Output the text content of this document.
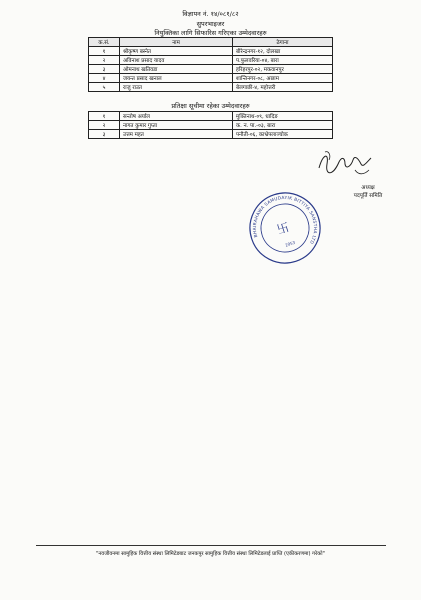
विज्ञापन नं. १४/०८१/८२
सुपरभाइजर
नियुक्तिका लागि सिफारिस गरिएका उम्मेदवारहरु
क.सं.	नाम	ठेगाना
१	श्रीकृष्ण बस्नेत	बीरेन्द्रनगर-१२, दोलखा
२	अविनाश प्रसाद यादव	प.फुलवरिया-०४, बारा
३	ओमनाथ खतिवडा	हरिहरपुर-०२, मकवानपुर
४	जयन्त प्रसाद खनाल	शान्तिनगर-०८, अछाम
५	राजु राउत	बेलगाछी-४, महोत्तरी
प्रतिक्षा सूचीमा रहेका उम्मेदवारहरु
१	सन्तोष अर्याल	मुक्तिनाथ-०९, धादिङ
२	नागत कुमार गुप्ता	क. न. पा.-०३, बारा
३	उत्तम महत	पनौती-०६, काभ्रेपलाञ्चोक
अध्यक्ष
पदपूर्ति समिति
BHAIRAHAWA SAMUDAYIK BITTIYA SANSTHA LTD
卐
2053
"नवजीवनमा सामुहिक वित्तीय संस्था लिमिटेडबाट जनकपुर सामुहिक वित्तीय संस्था लिमिटेडलाई प्राप्ति (एकीकरणमा) गरेको"
